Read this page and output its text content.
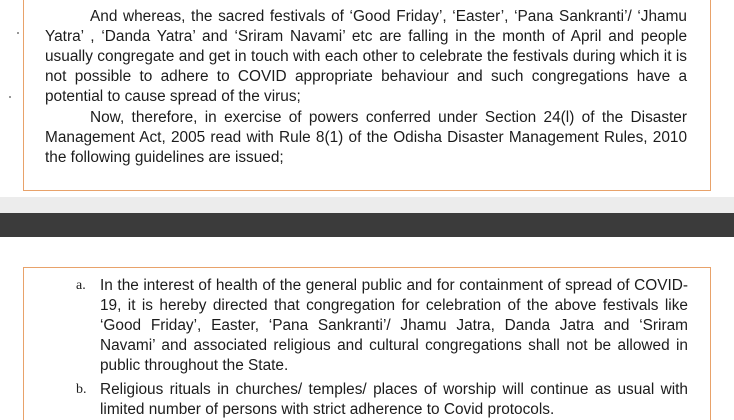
And whereas, the sacred festivals of ‘Good Friday’, ‘Easter’, ‘Pana Sankranti’/ ‘Jhamu Yatra’ , ‘Danda Yatra’ and ‘Sriram Navami’ etc are falling in the month of April and people usually congregate and get in touch with each other to celebrate the festivals during which it is not possible to adhere to COVID appropriate behaviour and such congregations have a potential to cause spread of the virus;

Now, therefore, in exercise of powers conferred under Section 24(l) of the Disaster Management Act, 2005 read with Rule 8(1) of the Odisha Disaster Management Rules, 2010 the following guidelines are issued;

a. In the interest of health of the general public and for containment of spread of COVID-19, it is hereby directed that congregation for celebration of the above festivals like ‘Good Friday’, Easter, ‘Pana Sankranti’/ Jhamu Jatra, Danda Jatra and ‘Sriram Navami’ and associated religious and cultural congregations shall not be allowed in public throughout the State.
b. Religious rituals in churches/ temples/ places of worship will continue as usual with limited number of persons with strict adherence to Covid protocols.
